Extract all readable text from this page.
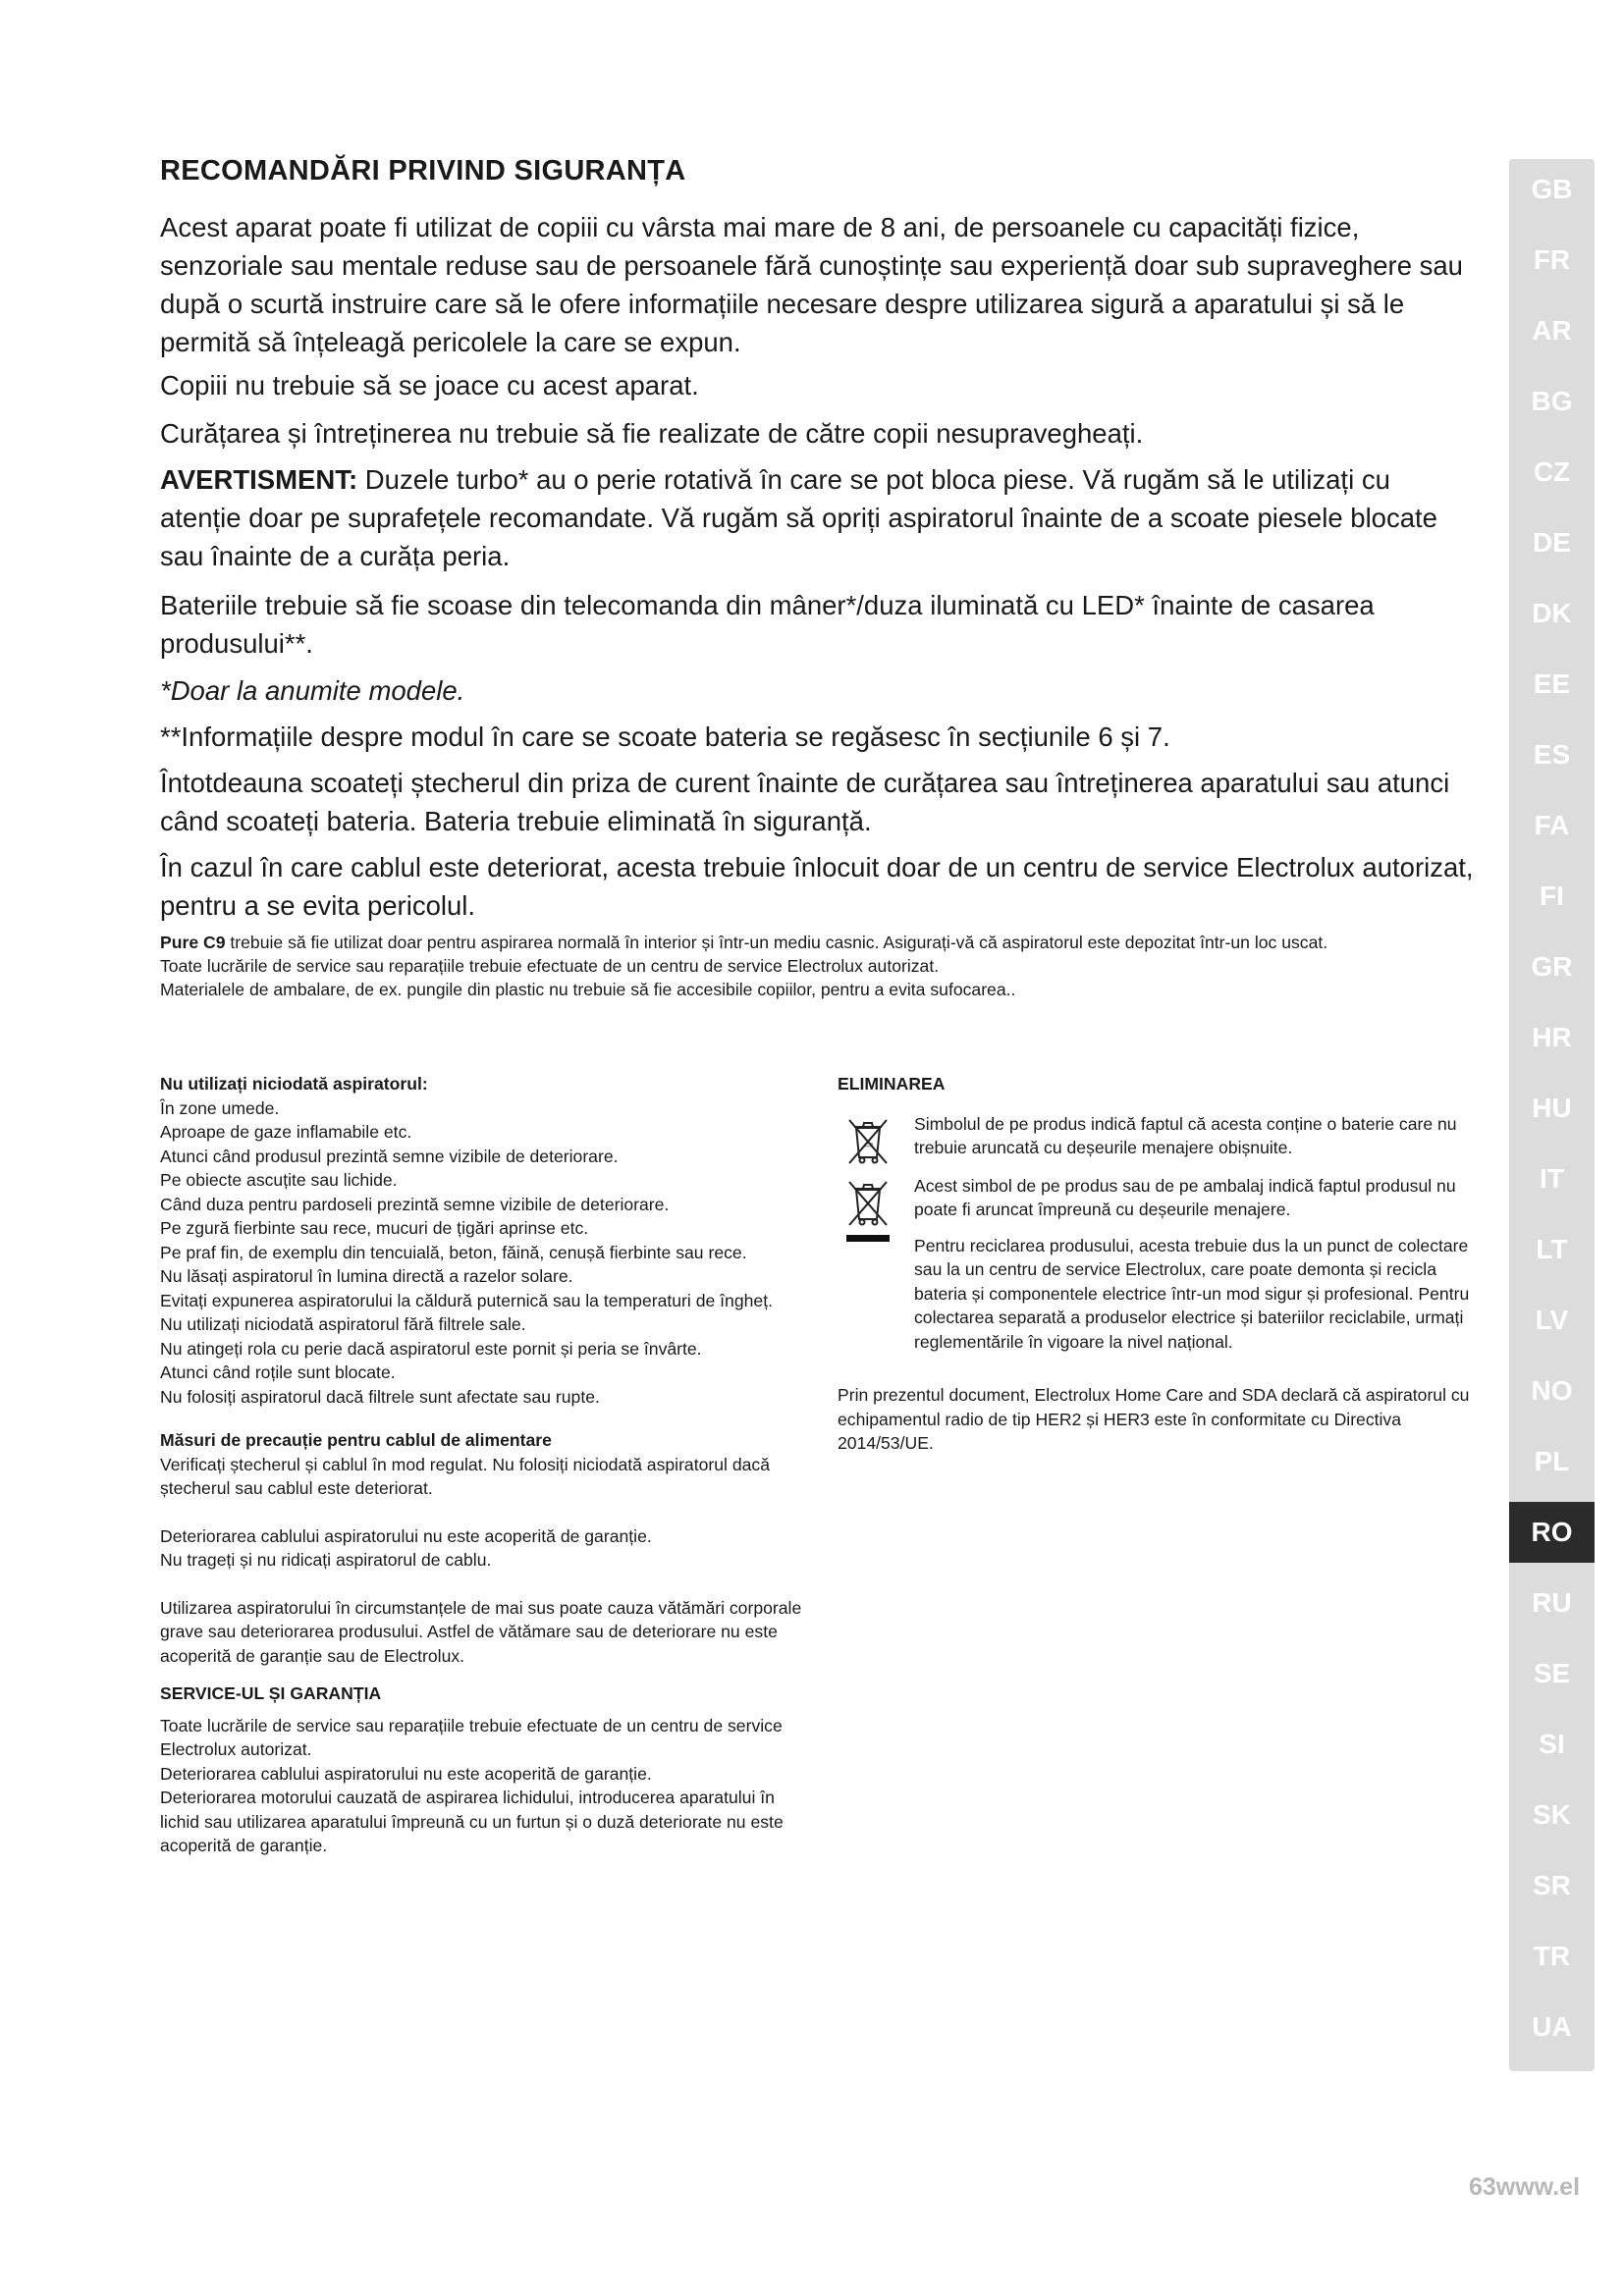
RECOMANDĂRI PRIVIND SIGURANȚA

Acest aparat poate fi utilizat de copiii cu vârsta mai mare de 8 ani, de persoanele cu capacități fizice, senzoriale sau mentale reduse sau de persoanele fără cunoștințe sau experiență doar sub supraveghere sau după o scurtă instruire care să le ofere informațiile necesare despre utilizarea sigură a aparatului și să le permită să înțeleagă pericolele la care se expun.

Copiii nu trebuie să se joace cu acest aparat.

Curățarea și întreținerea nu trebuie să fie realizate de către copii nesupravegheați.

AVERTISMENT: Duzele turbo* au o perie rotativă în care se pot bloca piese. Vă rugăm să le utilizați cu atenție doar pe suprafețele recomandate. Vă rugăm să opriți aspiratorul înainte de a scoate piesele blocate sau înainte de a curăța peria.

Bateriile trebuie să fie scoase din telecomanda din mâner*/duza iluminată cu LED* înainte de casarea produsului**.

*Doar la anumite modele.

**Informațiile despre modul în care se scoate bateria se regăsesc în secțiunile 6 și 7.

Întotdeauna scoateți ștecherul din priza de curent înainte de curățarea sau întreținerea aparatului sau atunci când scoateți bateria. Bateria trebuie eliminată în siguranță.

În cazul în care cablul este deteriorat, acesta trebuie înlocuit doar de un centru de service Electrolux autorizat, pentru a se evita pericolul.

Pure C9 trebuie să fie utilizat doar pentru aspirarea normală în interior și într-un mediu casnic. Asigurați-vă că aspiratorul este depozitat într-un loc uscat.

Toate lucrările de service sau reparațiile trebuie efectuate de un centru de service Electrolux autorizat.

Materialele de ambalare, de ex. pungile din plastic nu trebuie să fie accesibile copiilor, pentru a evita sufocarea..

Nu utilizați niciodată aspiratorul:

În zone umede.

Aproape de gaze inflamabile etc.

Atunci când produsul prezintă semne vizibile de deteriorare.

Pe obiecte ascuțite sau lichide.

Când duza pentru pardoseli prezintă semne vizibile de deteriorare.

Pe zgură fierbinte sau rece, mucuri de țigări aprinse etc.

Pe praf fin, de exemplu din tencuială, beton, făină, cenușă fierbinte sau rece.

Nu lăsați aspiratorul în lumina directă a razelor solare.

Evitați expunerea aspiratorului la căldură puternică sau la temperaturi de îngheț.

Nu utilizați niciodată aspiratorul fără filtrele sale.

Nu atingeți rola cu perie dacă aspiratorul este pornit și peria se învârte.

Atunci când roțile sunt blocate.

Nu folosiți aspiratorul dacă filtrele sunt afectate sau rupte.

Măsuri de precauție pentru cablul de alimentare

Verificați ștecherul și cablul în mod regulat. Nu folosiți niciodată aspiratorul dacă ștecherul sau cablul este deteriorat.

Deteriorarea cablului aspiratorului nu este acoperită de garanție.

Nu trageți și nu ridicați aspiratorul de cablu.

Utilizarea aspiratorului în circumstanțele de mai sus poate cauza vătămări corporale grave sau deteriorarea produsului. Astfel de vătămare sau de deteriorare nu este acoperită de garanție sau de Electrolux.

SERVICE-UL ȘI GARANȚIA

Toate lucrările de service sau reparațiile trebuie efectuate de un centru de service Electrolux autorizat.

Deteriorarea cablului aspiratorului nu este acoperită de garanție.

Deteriorarea motorului cauzată de aspirarea lichidului, introducerea aparatului în lichid sau utilizarea aparatului împreună cu un furtun și o duză deteriorate nu este acoperită de garanție.

ELIMINAREA

▭

Simbolul de pe produs indică faptul că acesta conține o baterie care nu trebuie aruncată cu deșeurile menajere obișnuite.

Acest simbol de pe produs sau de pe ambalaj indică faptul produsul nu poate fi aruncat împreună cu deșeurile menajere.

Pentru reciclarea produsului, acesta trebuie dus la un punct de colectare sau la un centru de service Electrolux, care poate demonta și recicla bateria și componentele electrice într-un mod sigur și profesional. Pentru colectarea separată a produselor electrice și bateriilor reciclabile, urmați reglementările în vigoare la nivel național.

Prin prezentul document, Electrolux Home Care and SDA declară că aspiratorul cu echipamentul radio de tip HER2 și HER3 este în conformitate cu Directiva 2014/53/UE.

GB
FR
AR
BG
CZ
DE
DK
EE
ES
FA
FI
GR
HR
HU
IT
LT
LV
NO
PL
RO
RU
SE
SI
SK
SR
TR
UA
63www.el
